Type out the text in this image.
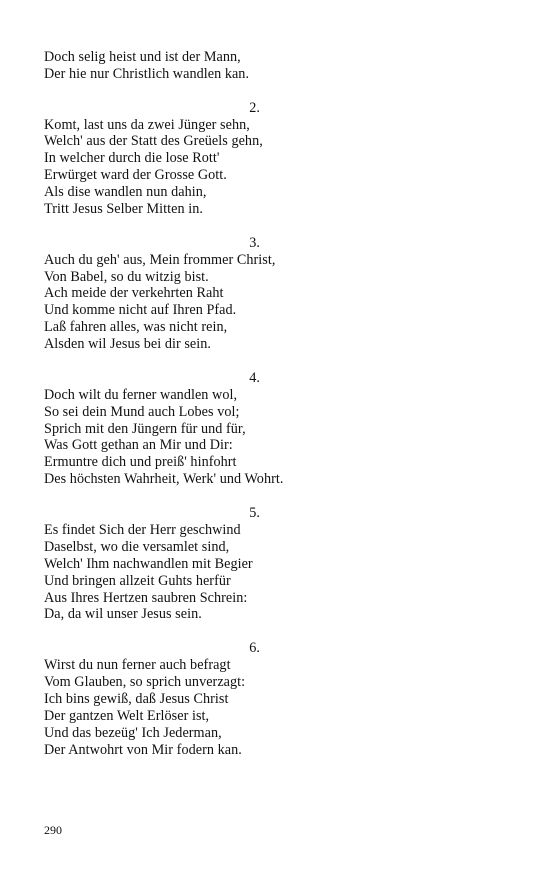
Doch selig heist und ist der Mann,
Der hie nur Christlich wandlen kan.
2.
Komt, last uns da zwei Jünger sehn,
Welch' aus der Statt des Greüels gehn,
In welcher durch die lose Rott'
Erwürget ward der Grosse Gott.
Als dise wandlen nun dahin,
Tritt Jesus Selber Mitten in.
3.
Auch du geh' aus, Mein frommer Christ,
Von Babel, so du witzig bist.
Ach meide der verkehrten Raht
Und komme nicht auf Ihren Pfad.
Laß fahren alles, was nicht rein,
Alsden wil Jesus bei dir sein.
4.
Doch wilt du ferner wandlen wol,
So sei dein Mund auch Lobes vol;
Sprich mit den Jüngern für und für,
Was Gott gethan an Mir und Dir:
Ermuntre dich und preiß' hinfohrt
Des höchsten Wahrheit, Werk' und Wohrt.
5.
Es findet Sich der Herr geschwind
Daselbst, wo die versamlet sind,
Welch' Ihm nachwandlen mit Begier
Und bringen allzeit Guhts herfür
Aus Ihres Hertzen saubren Schrein:
Da, da wil unser Jesus sein.
6.
Wirst du nun ferner auch befragt
Vom Glauben, so sprich unverzagt:
Ich bins gewiß, daß Jesus Christ
Der gantzen Welt Erlöser ist,
Und das bezeüg' Ich Jederman,
Der Antwohrt von Mir fodern kan.
290
